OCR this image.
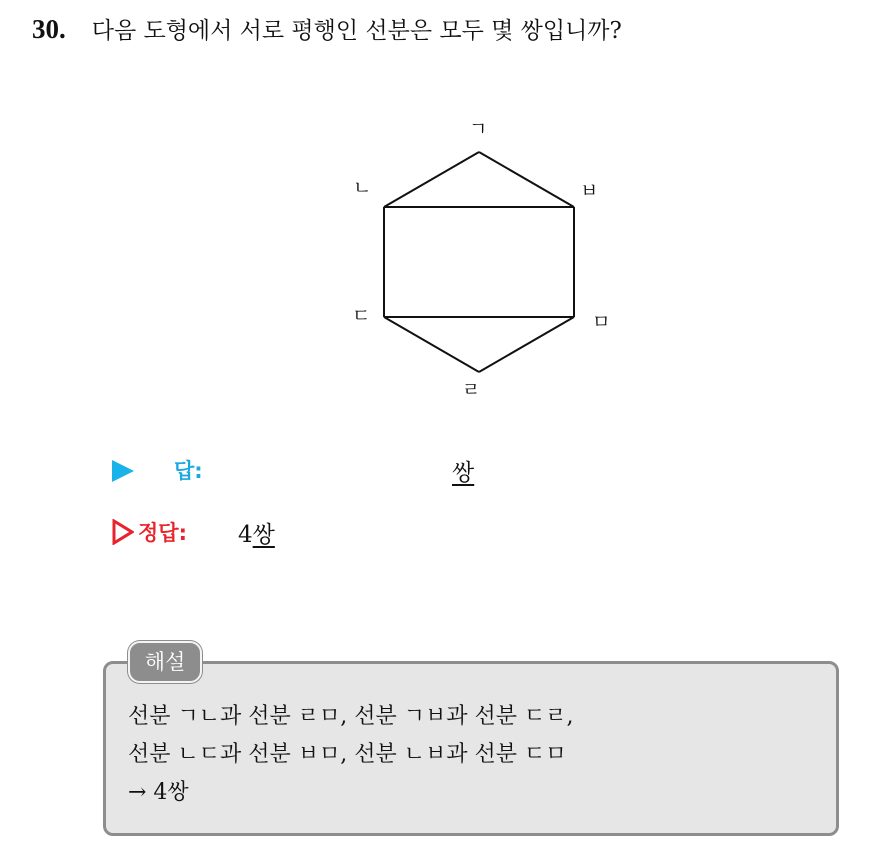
30. 다음 도형에서 서로 평행인 선분은 모두 몇 쌍입니까?
ㄱ
ㄴ	ㅂ
ㄷ	ㅁ
ㄹ
답:	쌍
정답: 4쌍
해설
선분 ㄱㄴ과 선분 ㄹㅁ, 선분 ㄱㅂ과 선분 ㄷㄹ,
선분 ㄴㄷ과 선분 ㅂㅁ, 선분 ㄴㅂ과 선분 ㄷㅁ
→ 4쌍
